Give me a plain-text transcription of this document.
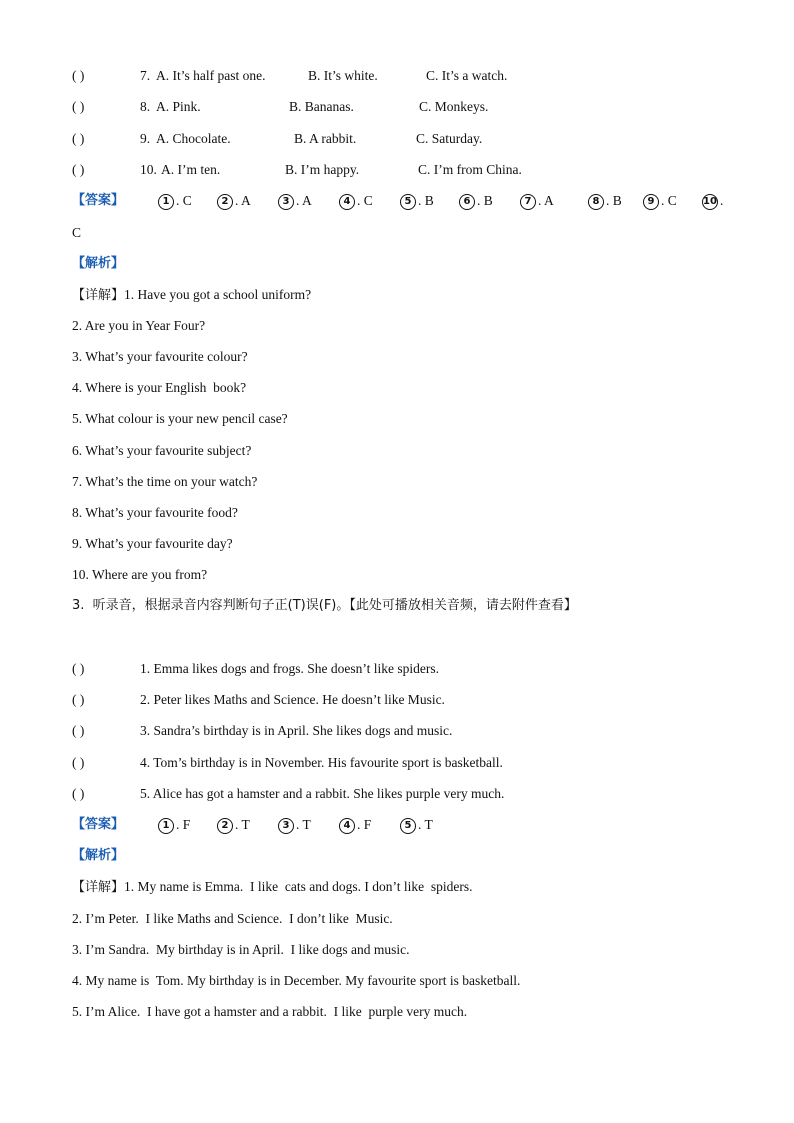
( )	7. A. It’s half past one.	B. It’s white.	C. It’s a watch.
( )	8. A. Pink.	B. Bananas.	C. Monkeys.
( )	9. A. Chocolate.	B. A rabbit.	C. Saturday.
( )	10. A. I’m ten.	B. I’m happy.	C. I’m from China.
【答案】	1 . C	2 . A	3 . A	4 . C	5 . B	6 . B	7 . A	8 . B	9 . C	10 .
C
【解析】
【详解】1. Have you got a school uniform?
2. Are you in Year Four?
3. What’s your favourite colour?
4. Where is your English  book?
5. What colour is your new pencil case?
6. What’s your favourite subject?
7. What’s the time on your watch?
8. What’s your favourite food?
9. What’s your favourite day?
10. Where are you from?
3.  听录音，根据录音内容判断句子正(T)误(F)。【此处可播放相关音频，请去附件查看】
( )	1. Emma likes dogs and frogs. She doesn’t like spiders.
( )	2. Peter likes Maths and Science. He doesn’t like Music.
( )	3. Sandra’s birthday is in April. She likes dogs and music.
( )	4. Tom’s birthday is in November. His favourite sport is basketball.
( )	5. Alice has got a hamster and a rabbit. She likes purple very much.
【答案】	1 . F	2 . T	3 . T	4 . F	5 . T
【解析】
【详解】1. My name is Emma.  I like  cats and dogs. I don’t like  spiders.
2. I’m Peter.  I like Maths and Science.  I don’t like  Music.
3. I’m Sandra.  My birthday is in April.  I like dogs and music.
4. My name is  Tom. My birthday is in December. My favourite sport is basketball.
5. I’m Alice.  I have got a hamster and a rabbit.  I like  purple very much.
